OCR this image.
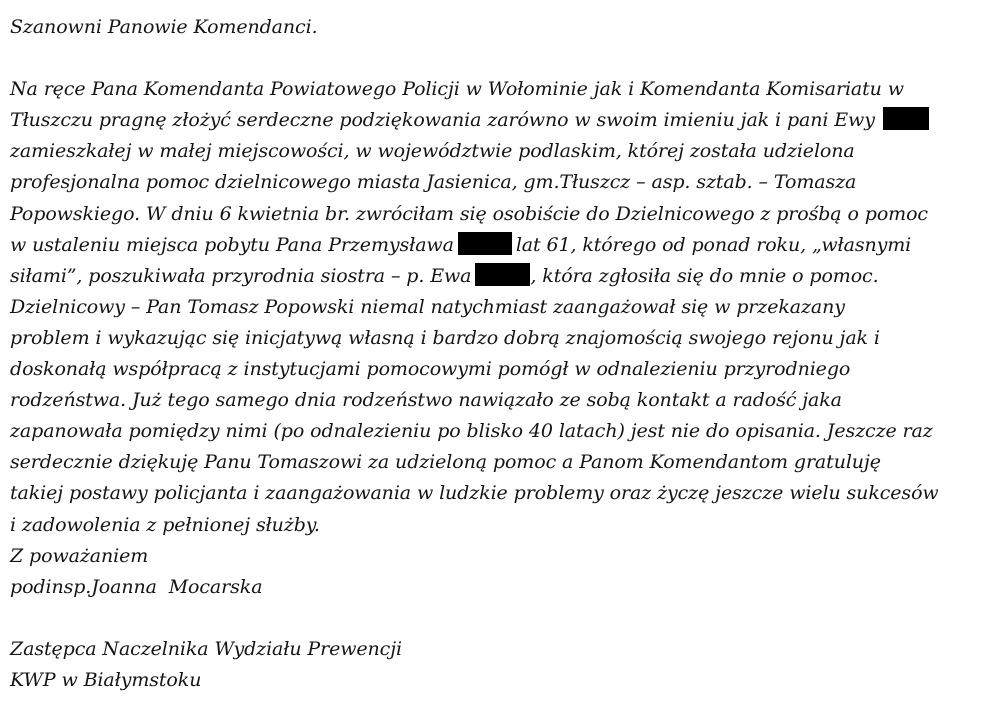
Szanowni Panowie Komendanci.
Na ręce Pana Komendanta Powiatowego Policji w Wołominie jak i Komendanta Komisariatu w
Tłuszczu pragnę złożyć serdeczne podziękowania zarówno w swoim imieniu jak i pani Ewy
zamieszkałej w małej miejscowości, w województwie podlaskim, której została udzielona
profesjonalna pomoc dzielnicowego miasta Jasienica, gm.Tłuszcz – asp. sztab. – Tomasza
Popowskiego. W dniu 6 kwietnia br. zwróciłam się osobiście do Dzielnicowego z prośbą o pomoc
w ustaleniu miejsca pobytu Pana Przemysława	lat 61, którego od ponad roku, „własnymi
siłami”, poszukiwała przyrodnia siostra – p. Ewa	, która zgłosiła się do mnie o pomoc.
Dzielnicowy – Pan Tomasz Popowski niemal natychmiast zaangażował się w przekazany
problem i wykazując się inicjatywą własną i bardzo dobrą znajomością swojego rejonu jak i
doskonałą współpracą z instytucjami pomocowymi pomógł w odnalezieniu przyrodniego
rodzeństwa. Już tego samego dnia rodzeństwo nawiązało ze sobą kontakt a radość jaka
zapanowała pomiędzy nimi (po odnalezieniu po blisko 40 latach) jest nie do opisania. Jeszcze raz
serdecznie dziękuję Panu Tomaszowi za udzieloną pomoc a Panom Komendantom gratuluję
takiej postawy policjanta i zaangażowania w ludzkie problemy oraz życzę jeszcze wielu sukcesów
i zadowolenia z pełnionej służby.
Z poważaniem
podinsp.Joanna  Mocarska
Zastępca Naczelnika Wydziału Prewencji
KWP w Białymstoku
